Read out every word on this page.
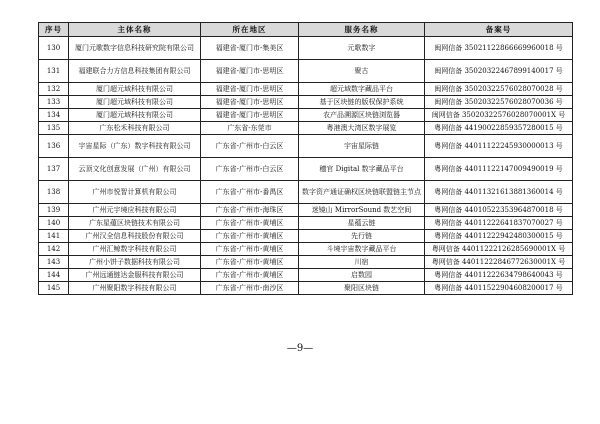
序号	主体名称	所在地区	服务名称	备案号
130	厦门元歌数字信息科技研究院有限公司	福建省-厦门市-集美区	元歌数字	闽网信备 35021122866669960018 号
131	福建联合力方信息科技集团有限公司	福建省-厦门市-思明区	聚古	闽网信备 35020322467899140017 号
132	厦门超元域科技有限公司	福建省-厦门市-思明区	超元域数字藏品平台	闽网信备 35020322576028070028 号
133	厦门超元域科技有限公司	福建省-厦门市-思明区	基于区块链的版权保护系统	闽网信备 35020322576028070036 号
134	厦门超元域科技有限公司	福建省-厦门市-思明区	农产品溯源区块链浏览器	闽网信备 35020322576028070001X 号
135	广东松禾科技有限公司	广东省-东莞市	粤港澳大湾区数字展览	粤网信备 44190022859357280015 号
136	宇宙星际（广东）数字科技有限公司	广东省-广州市-白云区	宇宙星际链	粤网信备 44011122245930000013 号
137	云顶文化创意发展（广州）有限公司	广东省-广州市-白云区	穗官 Digital 数字藏品平台	粤网信备 44011122147009490019 号
138	广州市悦智计算机有限公司	广东省-广州市-番禺区	数字资产通证确权区块链联盟链主节点	粤网信备 44011321613881360014 号
139	广州元宇境应科技有限公司	广东省-广州市-海珠区	迷镜山 MirrorSound 数艺空间	粤网信备 44010522353964870018 号
140	广东星蕴区块链技术有限公司	广东省-广州市-黄埔区	星蕴云链	粤网信备 44011222641837070027 号
141	广州汉全信息科技股份有限公司	广东省-广州市-黄埔区	先行链	粤网信备 44011222942480300015 号
142	广州汇鲸数字科技有限公司	广东省-广州市-黄埔区	斗境宇宙数字藏品平台	粤网信备 44011222126285690001X 号
143	广州小饼子数据科技有限公司	广东省-广州市-黄埔区	川宿	粤网信备 44011222846772630001X 号
144	广州远通链达金服科技有限公司	广东省-广州市-黄埔区	启数园	粤网信备 44011222634798640043 号
145	广州聚阳数字科技有限公司	广东省-广州市-南沙区	聚阳区块链	粤网信备 44011522904608200017 号
—9—
